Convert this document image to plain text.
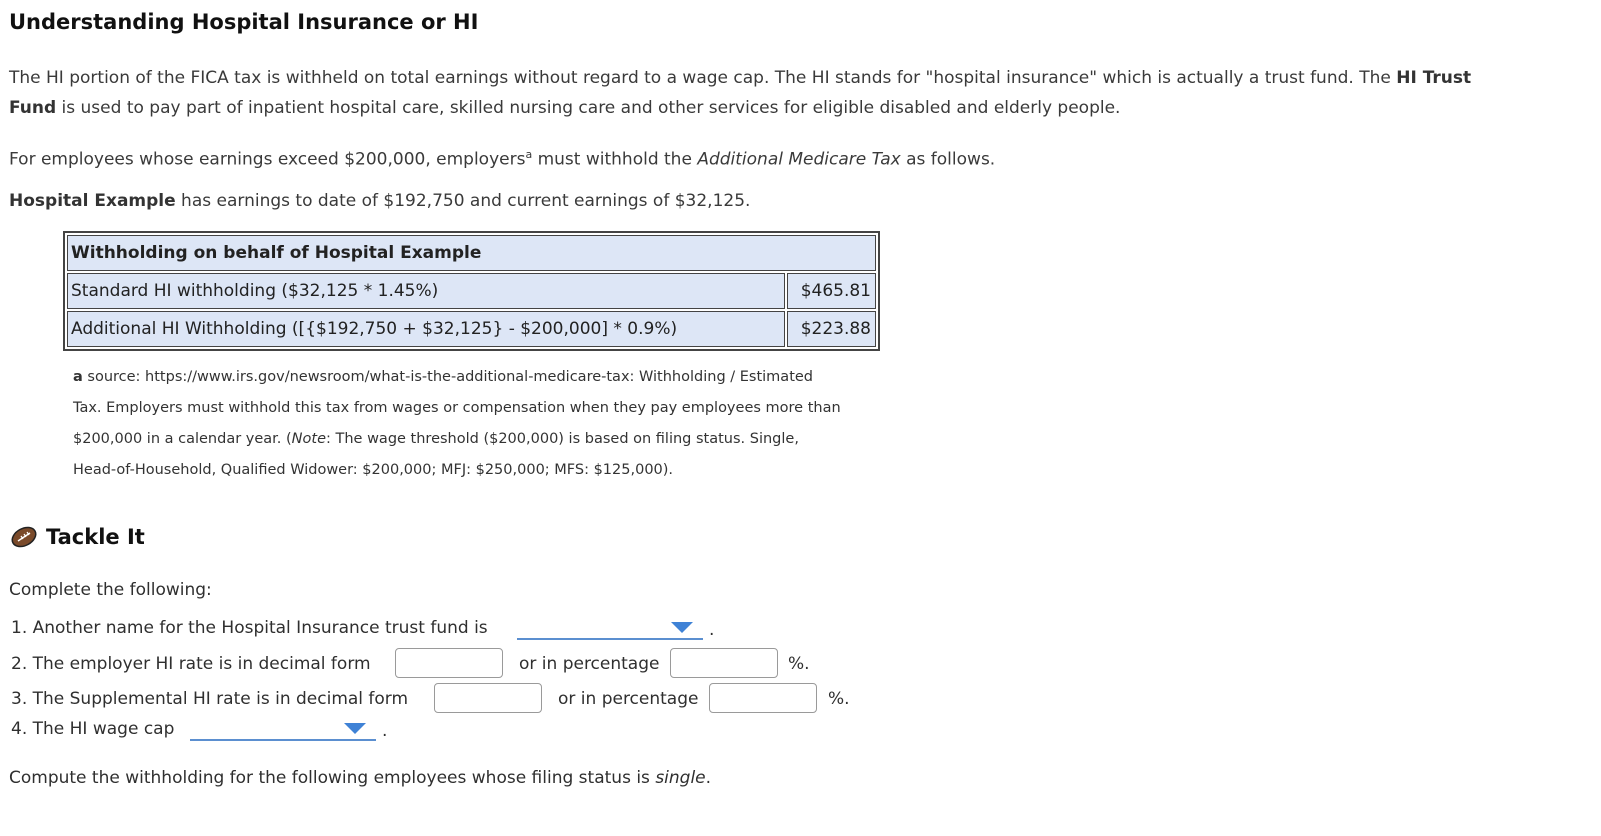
Understanding Hospital Insurance or HI
The HI portion of the FICA tax is withheld on total earnings without regard to a wage cap. The HI stands for "hospital insurance" which is actually a trust fund. The HI Trust
Fund is used to pay part of inpatient hospital care, skilled nursing care and other services for eligible disabled and elderly people.
For employees whose earnings exceed $200,000, employers$^a$ must withhold the Additional Medicare Tax as follows.
Hospital Example has earnings to date of $192,750 and current earnings of $32,125.
Withholding on behalf of Hospital Example	
Standard HI withholding ($32,125 * 1.45%)	$465.81
Additional HI Withholding ([{$192,750 + $32,125} - $200,000] * 0.9%)	$223.88
a source: https://www.irs.gov/newsroom/what-is-the-additional-medicare-tax: Withholding / Estimated
Tax. Employers must withhold this tax from wages or compensation when they pay employees more than
$200,000 in a calendar year. (Note: The wage threshold ($200,000) is based on filing status. Single,
Head-of-Household, Qualified Widower: $200,000; MFJ: $250,000; MFS: $125,000).
Tackle It
Complete the following:
1. Another name for the Hospital Insurance trust fund is	.
2. The employer HI rate is in decimal form	or in percentage	%.
3. The Supplemental HI rate is in decimal form	or in percentage	%.
4. The HI wage cap	.
Compute the withholding for the following employees whose filing status is single.
